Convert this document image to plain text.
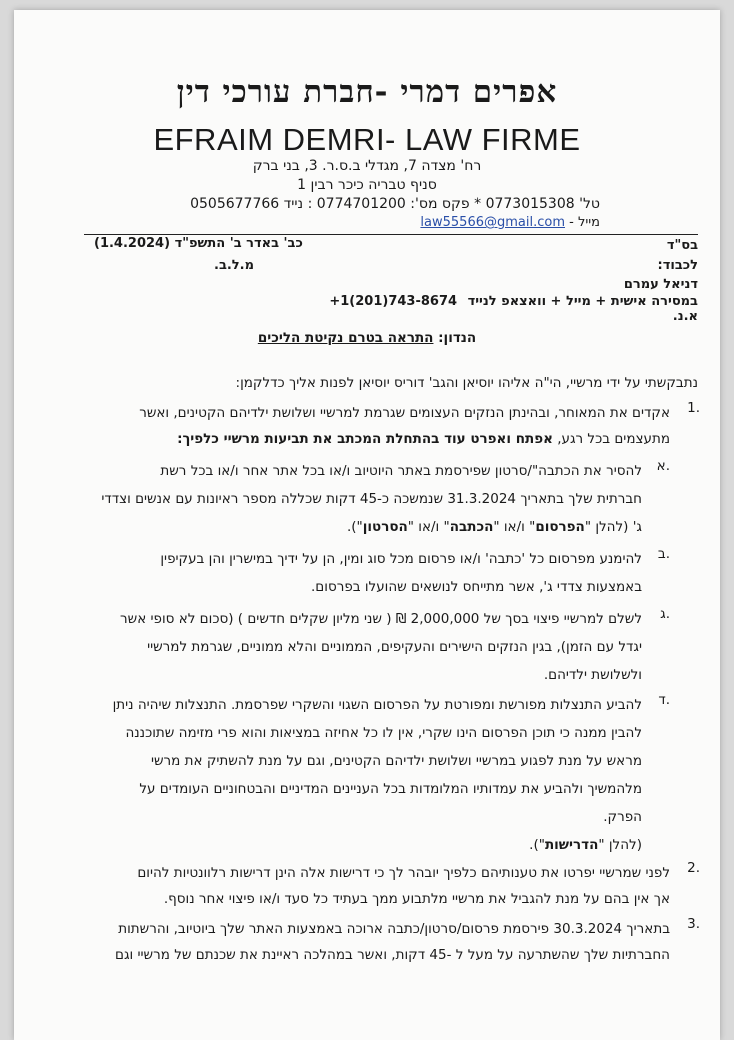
אפרים דמרי -חברת עורכי דין
EFRAIM DEMRI- LAW FIRME
רח' מצדה 7, מגדלי ב.ס.ר. 3, בני ברק
סניף טבריה כיכר רבין 1
טל' 0773015308 * פקס מס': 0774701200 : נייד 0505677766
מייל - law55566@gmail.com
בס"ד
כב' באדר ב' התשפ"ד (1.4.2024)
לכבוד:
מ.ל.ב.
דניאל עמרם
במסירה אישית + מייל + וואצאפ לנייד +1(201)743-8674
א.נ.
הנדון: התראה בטרם נקיטת הליכים
נתבקשתי על ידי מרשיי, הי"ה אליהו יוסיאן והגב' דוריס יוסיאן לפנות אליך כדלקמן:
1.
אקדים את המאוחר, ובהינתן הנזקים העצומים שגרמת למרשיי ושלושת ילדיהם הקטינים, ואשר
מתעצמים בכל רגע, אפתח ואפרט עוד בהתחלת המכתב את תביעות מרשיי כלפיך:
א.
להסיר את הכתבה"/סרטון שפירסמת באתר היוטיוב ו/או בכל אתר אחר ו/או בכל רשת
חברתית שלך בתאריך 31.3.2024 שנמשכה כ-45 דקות שכללה מספר ראיונות עם אנשים וצדדי
ג' (להלן "הפרסום" ו/או "הכתבה" ו/או "הסרטון").
ב.
להימנע מפרסום כל 'כתבה' ו/או פרסום מכל סוג ומין, הן על ידיך במישרין והן בעקיפין
באמצעות צדדי ג', אשר מתייחס לנושאים שהועלו בפרסום.
ג.
לשלם למרשיי פיצוי בסך של 2,000,000 ₪ ( שני מליון שקלים חדשים ) (סכום לא סופי אשר
יגדל עם הזמן), בגין הנזקים הישירים והעקיפים, הממוניים והלא ממוניים, שגרמת למרשיי
ולשלושת ילדיהם.
ד.
להביע התנצלות מפורשת ומפורטת על הפרסום השגוי והשקרי שפרסמת. התנצלות שיהיה ניתן
להבין ממנה כי תוכן הפרסום הינו שקרי, אין לו כל אחיזה במציאות והוא פרי מזימה שתוכננה
מראש על מנת לפגוע במרשיי ושלושת ילדיהם הקטינים, וגם על מנת להשתיק את מרשי
מלהמשיך ולהביע את עמדותיו המלומדות בכל העניינים המדיניים והבטחוניים העומדים על
הפרק.
(להלן "הדרישות").
2.
לפני שמרשיי יפרטו את טענותיהם כלפיך יובהר לך כי דרישות אלה הינן דרישות רלוונטיות להיום
אך אין בהם על מנת להגביל את מרשיי מלתבוע ממך בעתיד כל סעד ו/או פיצוי אחר נוסף.
3.
בתאריך 30.3.2024 פירסמת פרסום/סרטון/כתבה ארוכה באמצעות האתר שלך ביוטיוב, והרשתות
החברתיות שלך שהשתרעה על מעל ל -45 דקות, ואשר במהלכה ראיינת את שכנתם של מרשיי וגם
